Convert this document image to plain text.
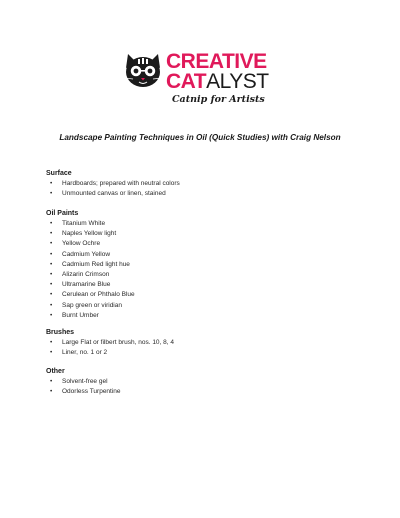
CREATIVE
CATALYST
Catnip for Artists
Landscape Painting Techniques in Oil (Quick Studies) with Craig Nelson

Surface

• Hardboards; prepared with neutral colors
• Unmounted canvas or linen, stained

Oil Paints

• Titanium White
• Naples Yellow light
• Yellow Ochre
• Cadmium Yellow
• Cadmium Red light hue
• Alizarin Crimson
• Ultramarine Blue
• Cerulean or Phthalo Blue
• Sap green or viridian
• Burnt Umber

Brushes

• Large Flat or filbert brush, nos. 10, 8, 4
• Liner, no. 1 or 2

Other

• Solvent-free gel
• Odorless Turpentine
